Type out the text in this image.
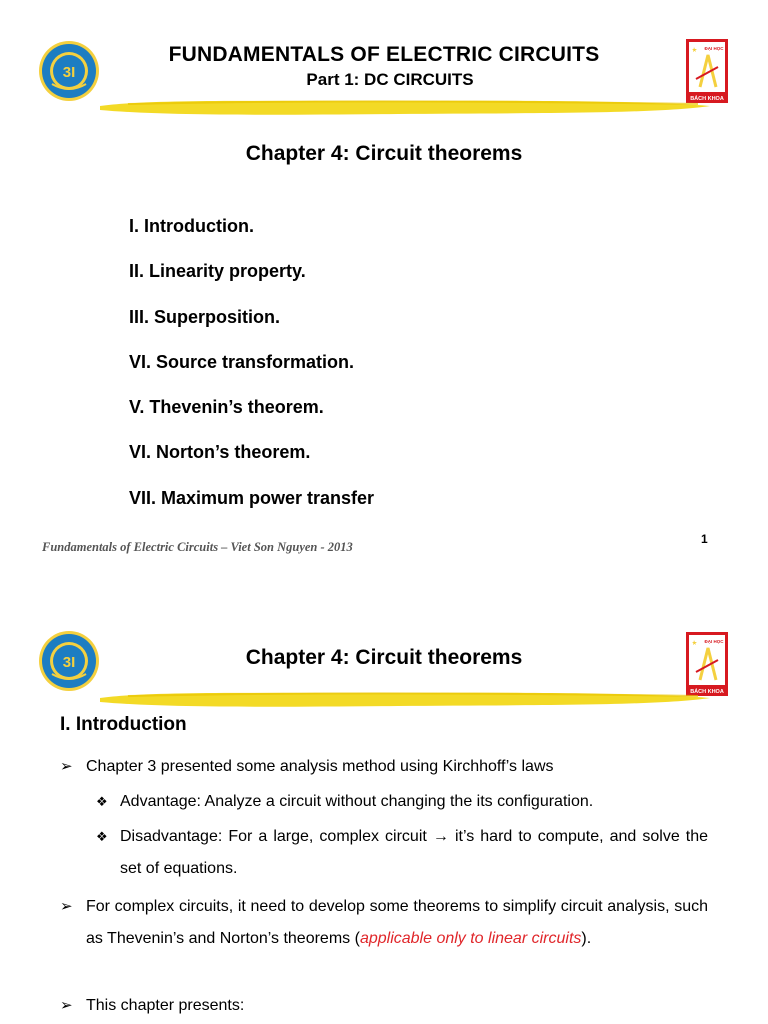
3I
ĐẠI HỌC
BÁCH KHOA
FUNDAMENTALS OF ELECTRIC CIRCUITS
Part 1: DC CIRCUITS
Chapter 4: Circuit theorems
I. Introduction.
II. Linearity property.
III. Superposition.
VI. Source transformation.
V. Thevenin’s theorem.
VI. Norton’s theorem.
VII. Maximum power transfer
Fundamentals of Electric Circuits – Viet Son Nguyen - 2013
1
3I
ĐẠI HỌC
BÁCH KHOA
Chapter 4: Circuit theorems
I. Introduction
➢ Chapter 3 presented some analysis method using Kirchhoff’s laws
❖ Advantage: Analyze a circuit without changing the its configuration.
❖ Disadvantage: For a large, complex circuit → it’s hard to compute, and solve the set of equations.
➢ For complex circuits, it need to develop some theorems to simplify circuit analysis, such as Thevenin’s and Norton’s theorems (applicable only to linear circuits).
➢ This chapter presents:
